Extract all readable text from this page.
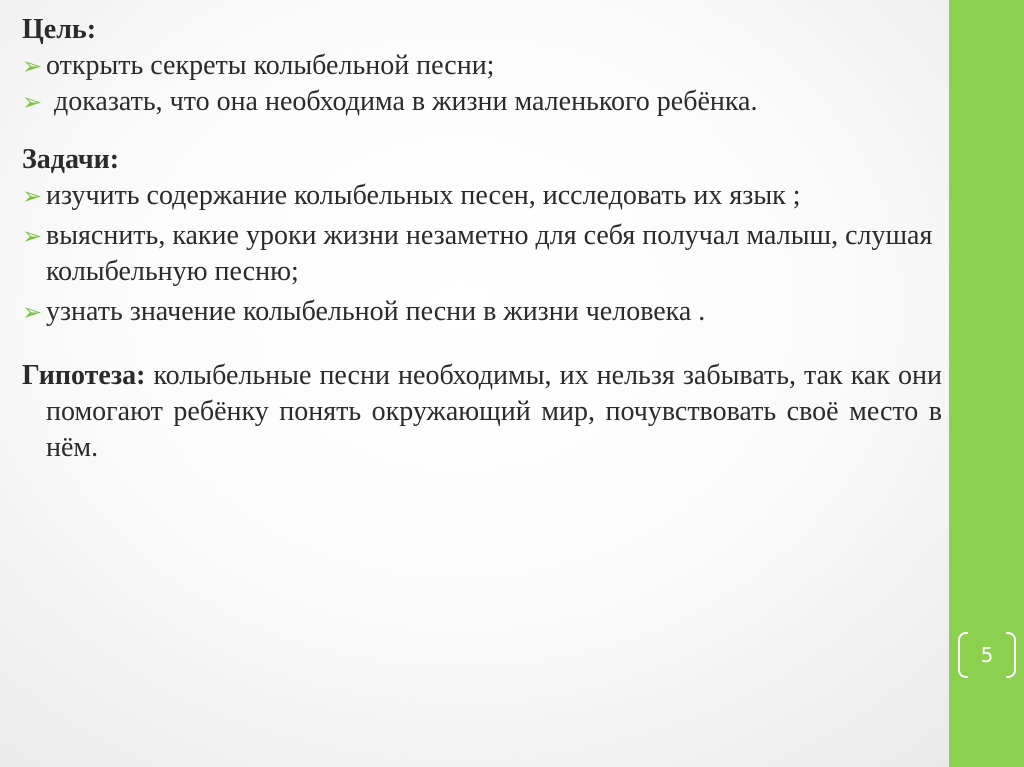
Цель:

➢ открыть секреты колыбельной песни;

➢ доказать, что она необходима в жизни маленького ребёнка.

Задачи:

➢ изучить содержание колыбельных песен, исследовать их язык ;

➢ выяснить, какие уроки жизни незаметно для себя получал малыш, слушая колыбельную песню;

➢ узнать значение колыбельной песни в жизни человека .

Гипотеза: колыбельные песни необходимы, их нельзя забывать, так как они помогают ребёнку понять окружающий мир, почувствовать своё место в нём.

5
